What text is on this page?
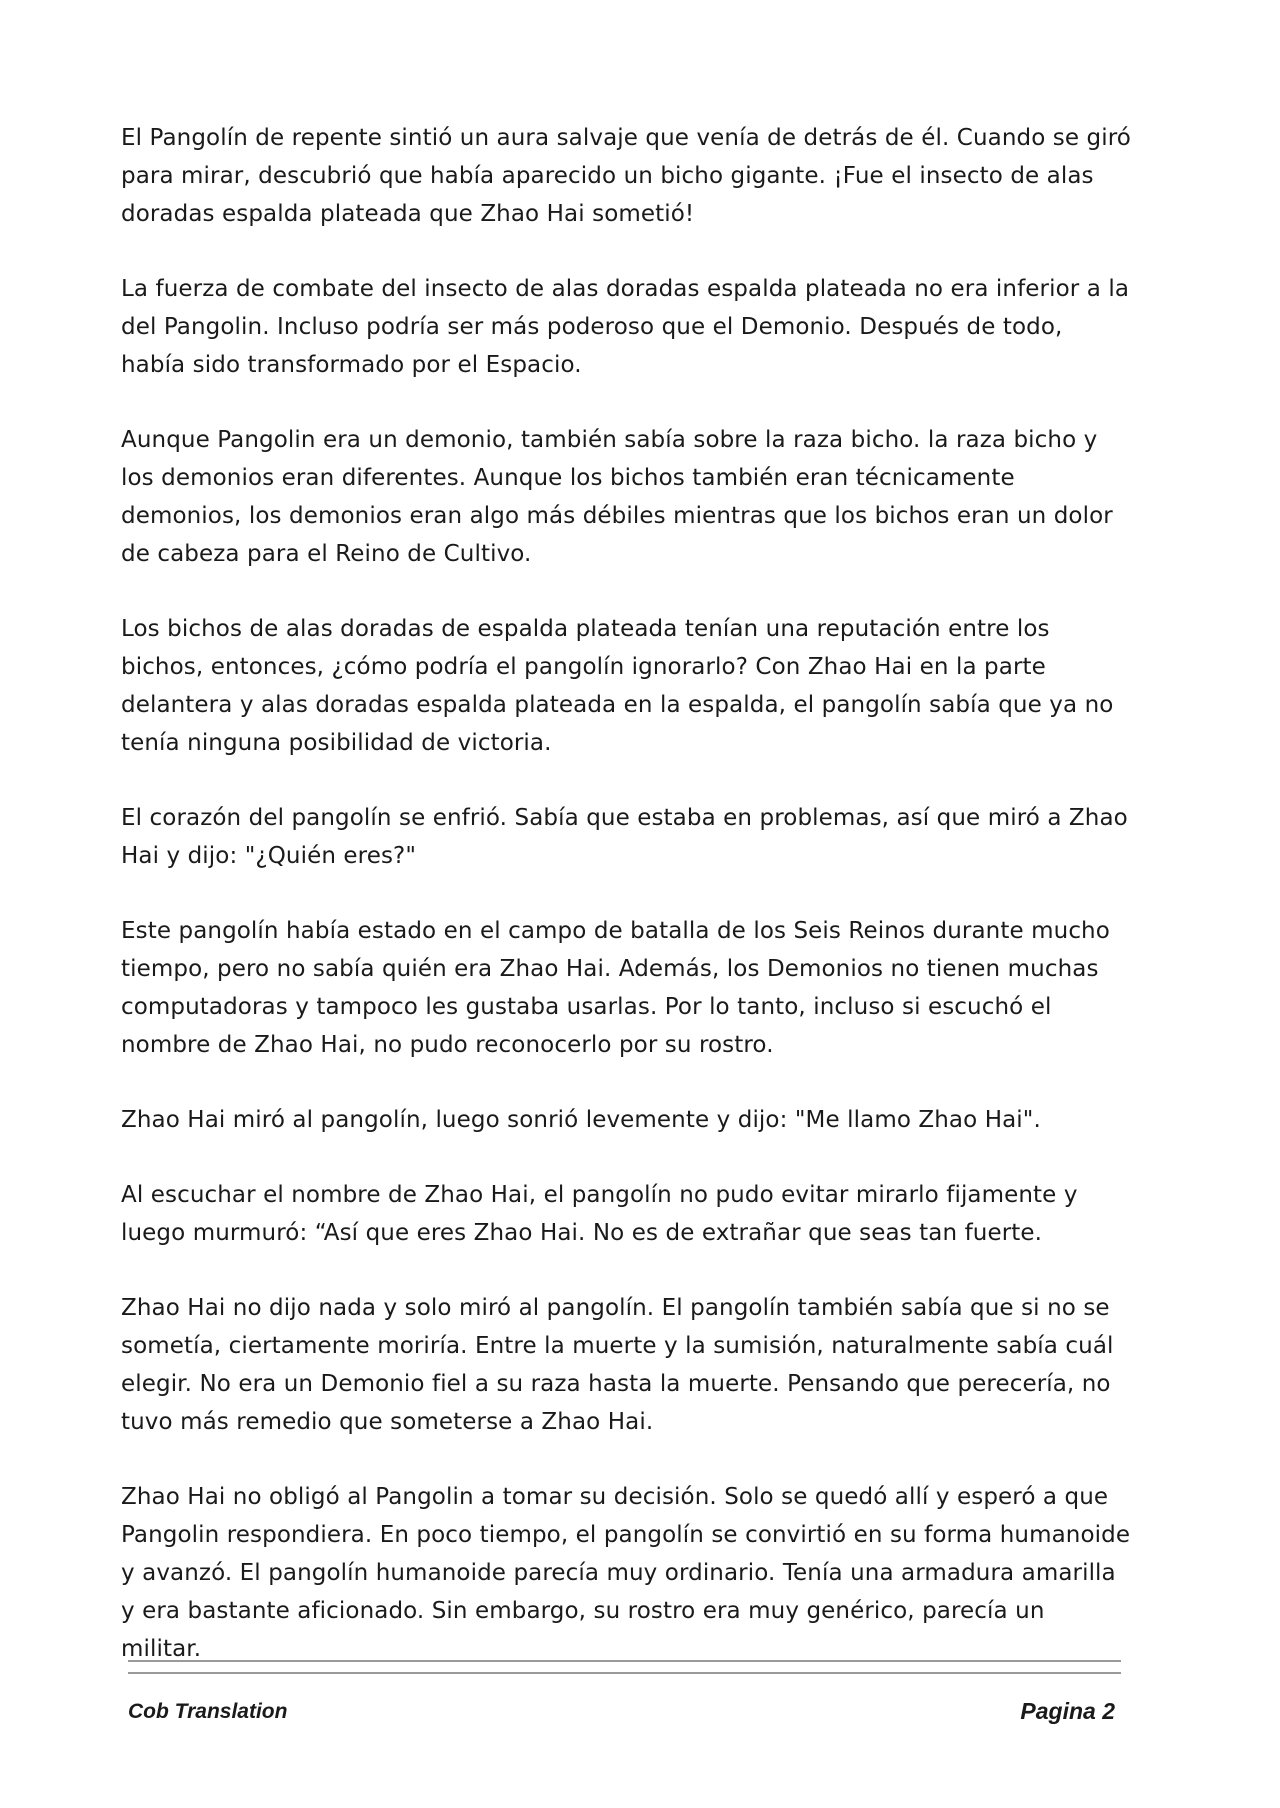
El Pangolín de repente sintió un aura salvaje que venía de detrás de él. Cuando se giró para mirar, descubrió que había aparecido un bicho gigante. ¡Fue el insecto de alas doradas espalda plateada que Zhao Hai sometió!

La fuerza de combate del insecto de alas doradas espalda plateada no era inferior a la del Pangolin. Incluso podría ser más poderoso que el Demonio. Después de todo, había sido transformado por el Espacio.

Aunque Pangolin era un demonio, también sabía sobre la raza bicho. la raza bicho y los demonios eran diferentes. Aunque los bichos también eran técnicamente demonios, los demonios eran algo más débiles mientras que los bichos eran un dolor de cabeza para el Reino de Cultivo.

Los bichos de alas doradas de espalda plateada tenían una reputación entre los bichos, entonces, ¿cómo podría el pangolín ignorarlo? Con Zhao Hai en la parte delantera y alas doradas espalda plateada en la espalda, el pangolín sabía que ya no tenía ninguna posibilidad de victoria.

El corazón del pangolín se enfrió. Sabía que estaba en problemas, así que miró a Zhao Hai y dijo: "¿Quién eres?"

Este pangolín había estado en el campo de batalla de los Seis Reinos durante mucho tiempo, pero no sabía quién era Zhao Hai. Además, los Demonios no tienen muchas computadoras y tampoco les gustaba usarlas. Por lo tanto, incluso si escuchó el nombre de Zhao Hai, no pudo reconocerlo por su rostro.

Zhao Hai miró al pangolín, luego sonrió levemente y dijo: "Me llamo Zhao Hai".

Al escuchar el nombre de Zhao Hai, el pangolín no pudo evitar mirarlo fijamente y luego murmuró: “Así que eres Zhao Hai. No es de extrañar que seas tan fuerte.

Zhao Hai no dijo nada y solo miró al pangolín. El pangolín también sabía que si no se sometía, ciertamente moriría. Entre la muerte y la sumisión, naturalmente sabía cuál elegir. No era un Demonio fiel a su raza hasta la muerte. Pensando que perecería, no tuvo más remedio que someterse a Zhao Hai.

Zhao Hai no obligó al Pangolin a tomar su decisión. Solo se quedó allí y esperó a que Pangolin respondiera. En poco tiempo, el pangolín se convirtió en su forma humanoide y avanzó. El pangolín humanoide parecía muy ordinario. Tenía una armadura amarilla y era bastante aficionado. Sin embargo, su rostro era muy genérico, parecía un militar.

Cob Translation	Pagina 2
